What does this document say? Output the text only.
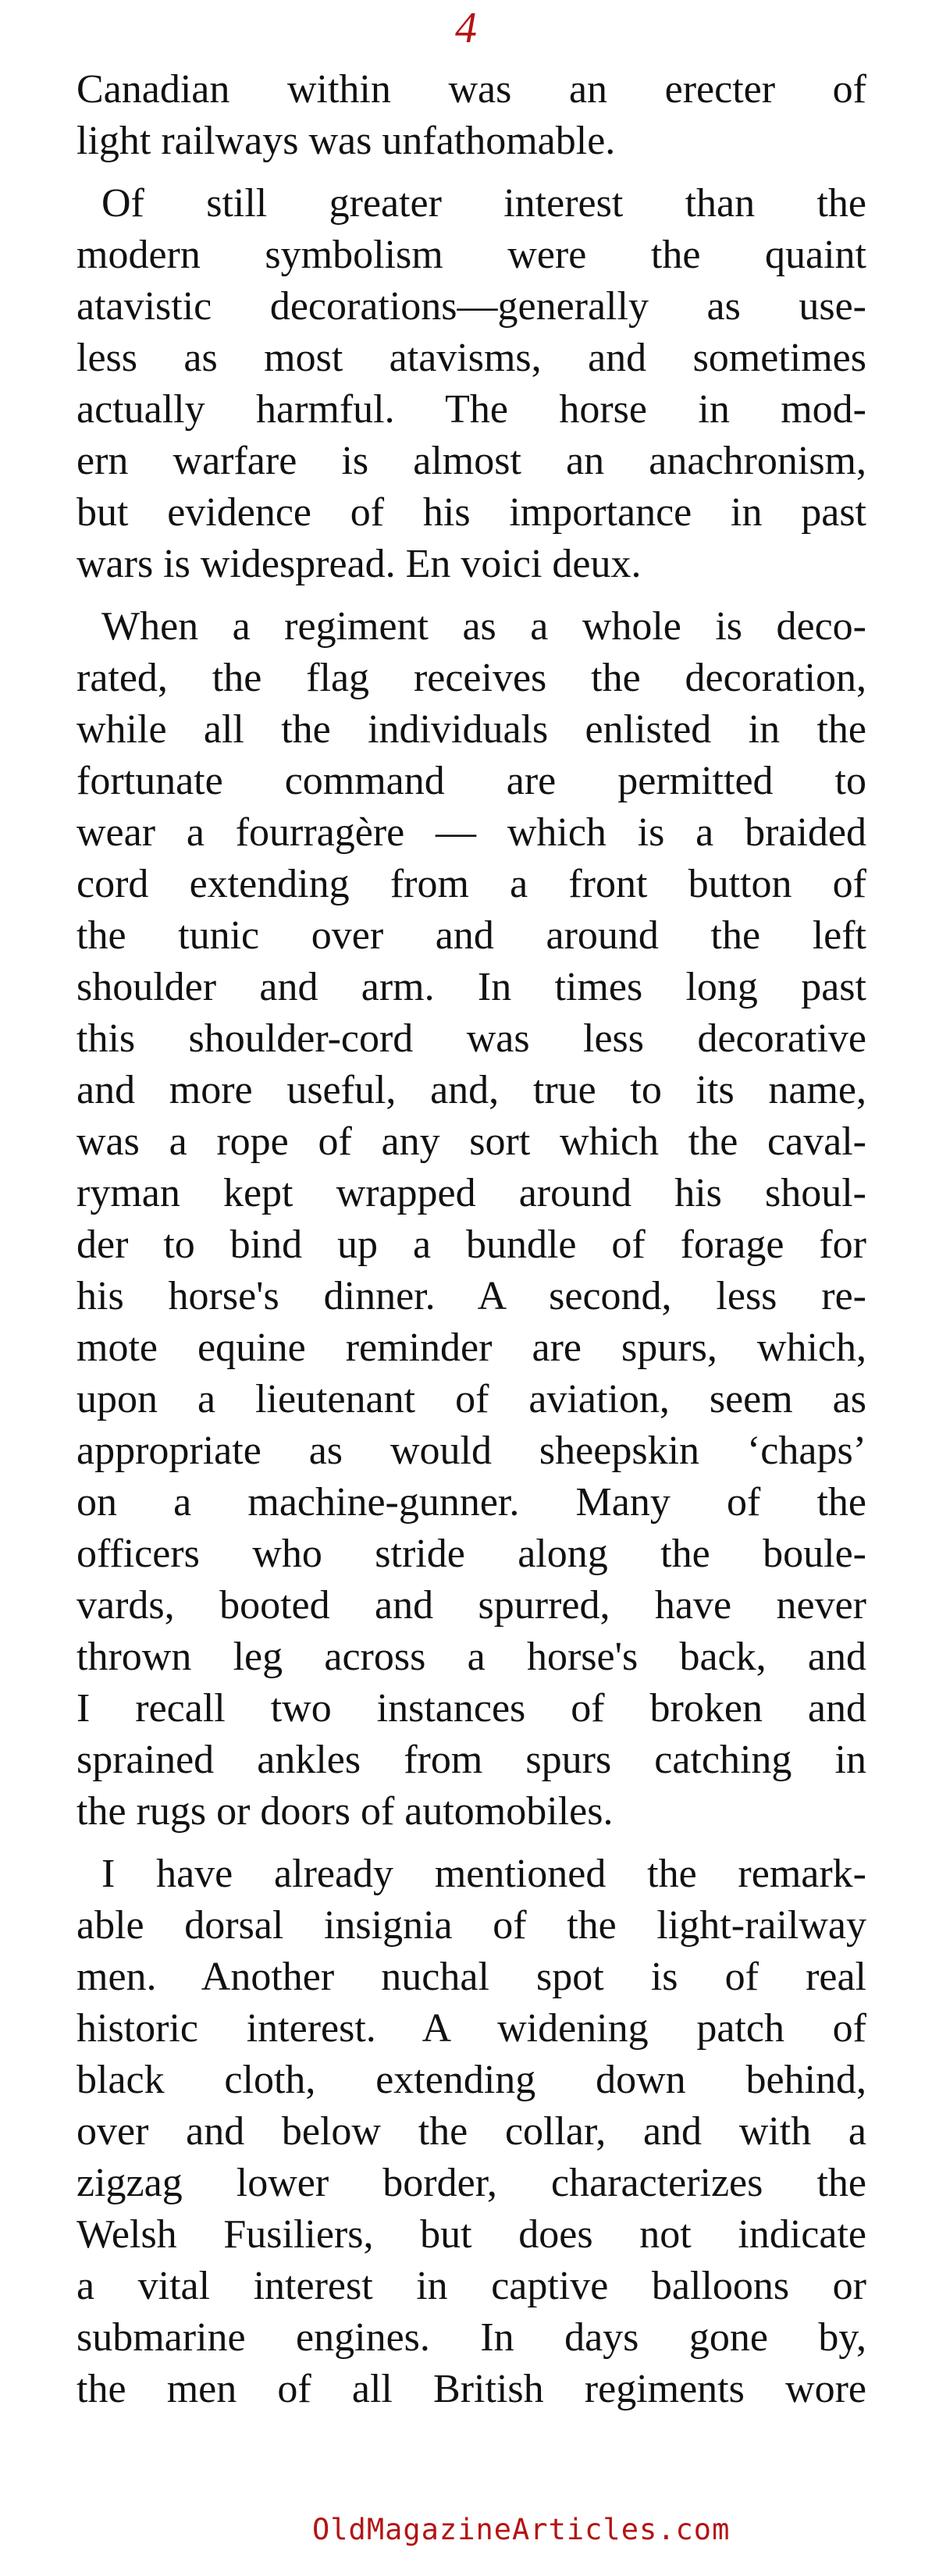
4
Canadian within was an erecter of
light railways was unfathomable.
Of still greater interest than the
modern symbolism were the quaint
atavistic decorations—generally as use-
less as most atavisms, and sometimes
actually harmful. The horse in mod-
ern warfare is almost an anachronism,
but evidence of his importance in past
wars is widespread. En voici deux.
When a regiment as a whole is deco-
rated, the flag receives the decoration,
while all the individuals enlisted in the
fortunate command are permitted to
wear a fourragère — which is a braided
cord extending from a front button of
the tunic over and around the left
shoulder and arm. In times long past
this shoulder-cord was less decorative
and more useful, and, true to its name,
was a rope of any sort which the caval-
ryman kept wrapped around his shoul-
der to bind up a bundle of forage for
his horse's dinner. A second, less re-
mote equine reminder are spurs, which,
upon a lieutenant of aviation, seem as
appropriate as would sheepskin ‘chaps’
on a machine-gunner. Many of the
officers who stride along the boule-
vards, booted and spurred, have never
thrown leg across a horse's back, and
I recall two instances of broken and
sprained ankles from spurs catching in
the rugs or doors of automobiles.
I have already mentioned the remark-
able dorsal insignia of the light-railway
men. Another nuchal spot is of real
historic interest. A widening patch of
black cloth, extending down behind,
over and below the collar, and with a
zigzag lower border, characterizes the
Welsh Fusiliers, but does not indicate
a vital interest in captive balloons or
submarine engines. In days gone by,
the men of all British regiments wore
OldMagazineArticles.com
